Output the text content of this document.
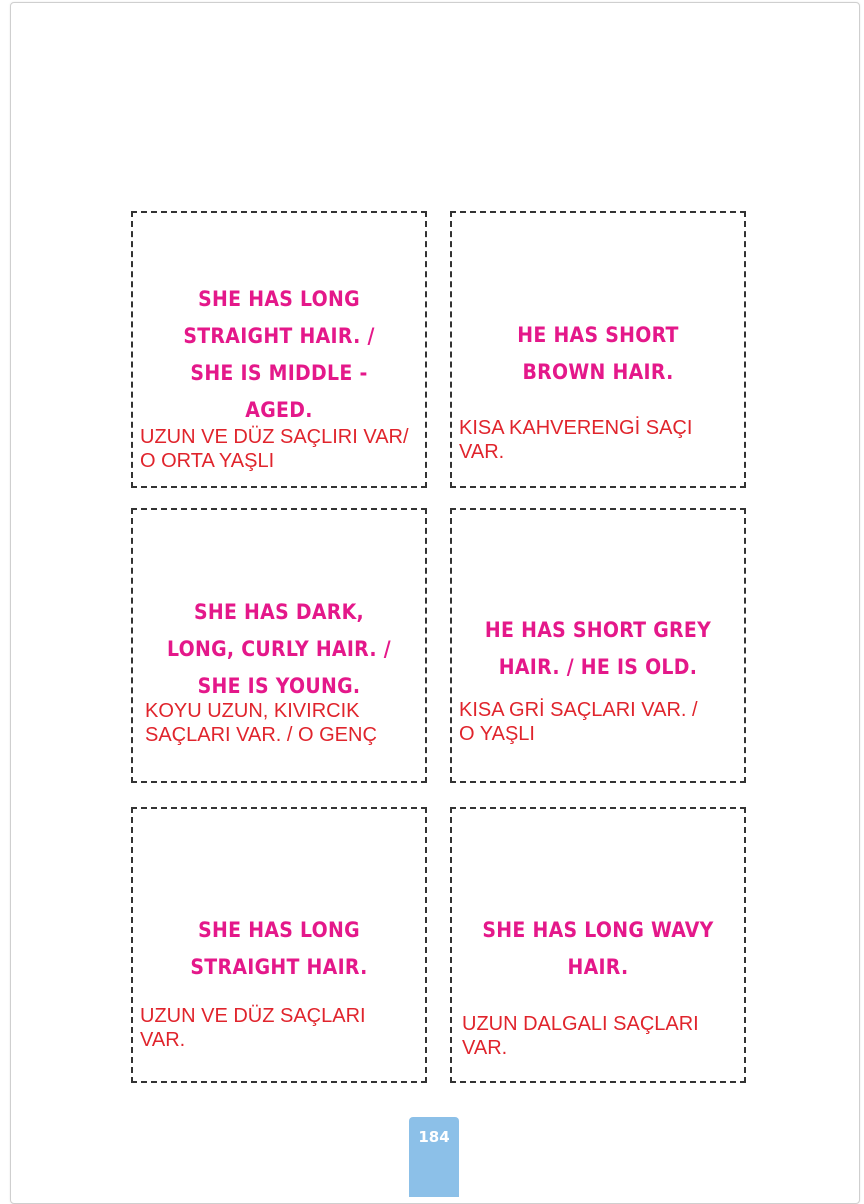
SHE HAS LONG
STRAIGHT HAIR. /
SHE IS MIDDLE -
AGED.
UZUN VE DÜZ SAÇLIRI VAR/
O ORTA YAŞLI
HE HAS SHORT
BROWN HAIR.
KISA KAHVERENGİ SAÇI
VAR.
SHE HAS DARK,
LONG, CURLY HAIR. /
SHE IS YOUNG.
KOYU UZUN, KIVIRCIK
SAÇLARI VAR. / O GENÇ
HE HAS SHORT GREY
HAIR. / HE IS OLD.
KISA GRİ SAÇLARI VAR. /
O YAŞLI
SHE HAS LONG
STRAIGHT HAIR.
UZUN VE DÜZ SAÇLARI
VAR.
SHE HAS LONG WAVY
HAIR.
UZUN DALGALI SAÇLARI
VAR.
184
